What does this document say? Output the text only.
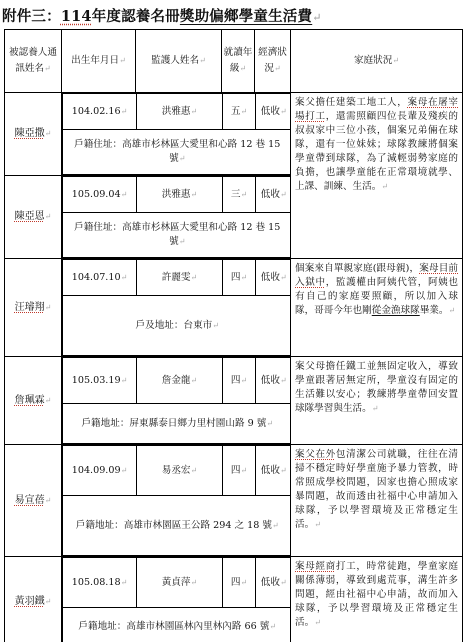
附件三：114年度認養名冊獎助偏鄉學童生活費↵
被認養人通訊姓名↵	出生年月日↵	監護人姓名↵	就讀年級↵	經濟狀況↵	家庭狀況↵
陳亞撒↵	
104.02.16↵	洪雅惠↵	五↵	低收↵
戶籍住址：高雄市杉林區大愛里和心路 12 巷 15 號↵
	案父擔任建築工地工人，案母在屠宰場打工，還需照顧四位長輩及殘疾的叔叔家中三位小孩，個案兄弟倆在球隊，還有一位妹妹；球隊教練將個案學童帶到球隊，為了減輕弱勢家庭的負擔，也讓學童能在正常環境就學、上課、訓練、生活。↵
陳亞恩↵	
105.09.04↵	洪雅惠↵	三↵	低收↵
戶籍住址：高雄市杉林區大愛里和心路 12 巷 15 號↵

汪璿翔↵	
104.07.10↵	許麗雯↵	四↵	低收↵
戶及地址：台東市↵
	個案來自單親家庭(跟母親)，案母目前入獄中，監護權由阿姨代管，阿姨也有自己的家庭要照顧，所以加入球隊，哥哥今年也剛從金漁球隊畢業。↵
詹珮霖↵	
105.03.19↵	詹金龍↵	四↵	低收↵
戶籍地址：屏東縣泰日鄉力里村園山路 9 號↵
	案父母擔任鐵工並無固定收入，導致學童跟著居無定所，學童沒有固定的生活難以安心；教練將學童帶回安置球隊學習與生活。↵
易宣蓓↵	
104.09.09↵	易丞宏↵	四↵	低收↵
戶籍地址：高雄市林園區王公路 294 之 18 號↵
	案父在外包清潔公司就職，往往在清掃不穩定時好學童施予暴力管教，時常照成學校問題，因家也擔心照成家暴問題，故而透由社福中心申請加入球隊，予以學習環境及正常穩定生活。↵
黃羽鐵↵	
105.08.18↵	黃貞萍↵	四↵	低收↵
戶籍地址：高雄市林園區林內里林內路 66 號↵
	案母經商打工，時常徒跑，學童家庭關係薄弱，導致到處荒事，溝生許多問題，經由社福中心申請，故而加入球隊，予以學習環境及正常穩定生活。↵
